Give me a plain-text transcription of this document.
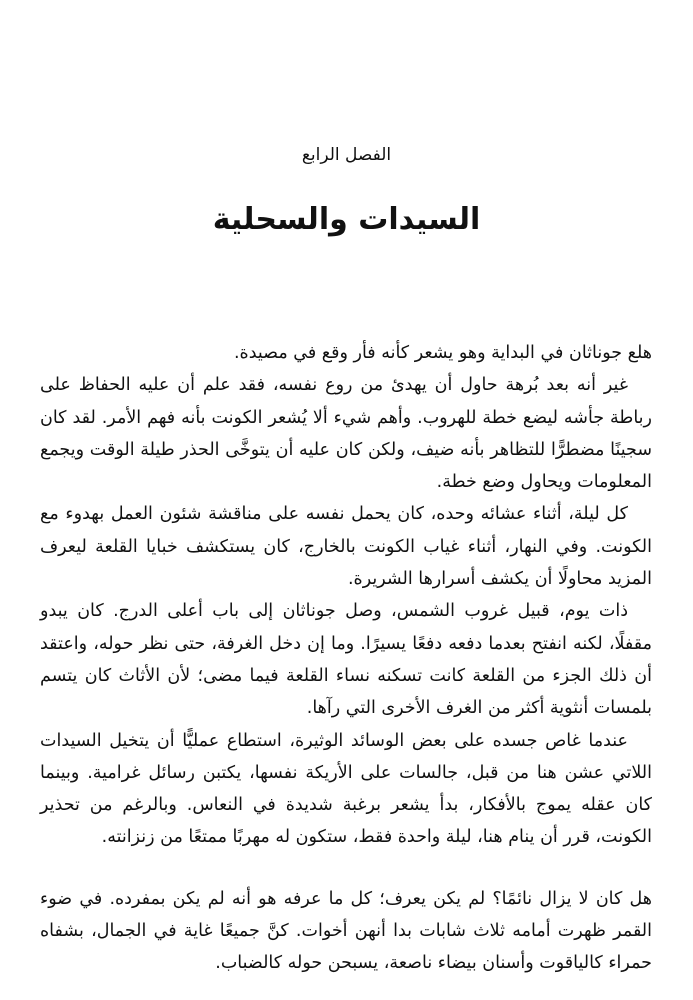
الفصل الرابع
السيدات والسحلية

هلع جوناثان في البداية وهو يشعر كأنه فأر وقع في مصيدة.

غير أنه بعد بُرهة حاول أن يهدئ من روع نفسه، فقد علم أن عليه الحفاظ على رباطة جأشه ليضع خطة للهروب. وأهم شيء ألا يُشعر الكونت بأنه فهم الأمر. لقد كان سجينًا مضطرًّا للتظاهر بأنه ضيف، ولكن كان عليه أن يتوخَّى الحذر طيلة الوقت ويجمع المعلومات ويحاول وضع خطة.

كل ليلة، أثناء عشائه وحده، كان يحمل نفسه على مناقشة شئون العمل بهدوء مع الكونت. وفي النهار، أثناء غياب الكونت بالخارج، كان يستكشف خبايا القلعة ليعرف المزيد محاولًا أن يكشف أسرارها الشريرة.

ذات يوم، قبيل غروب الشمس، وصل جوناثان إلى باب أعلى الدرج. كان يبدو مقفلًا، لكنه انفتح بعدما دفعه دفعًا يسيرًا. وما إن دخل الغرفة، حتى نظر حوله، واعتقد أن ذلك الجزء من القلعة كانت تسكنه نساء القلعة فيما مضى؛ لأن الأثاث كان يتسم بلمسات أنثوية أكثر من الغرف الأخرى التي رآها.

عندما غاص جسده على بعض الوسائد الوثيرة، استطاع عمليًّا أن يتخيل السيدات اللاتي عشن هنا من قبل، جالسات على الأريكة نفسها، يكتبن رسائل غرامية. وبينما كان عقله يموج بالأفكار، بدأ يشعر برغبة شديدة في النعاس. وبالرغم من تحذير الكونت، قرر أن ينام هنا، ليلة واحدة فقط، ستكون له مهربًا ممتعًا من زنزانته.

هل كان لا يزال نائمًا؟ لم يكن يعرف؛ كل ما عرفه هو أنه لم يكن بمفرده. في ضوء القمر ظهرت أمامه ثلاث شابات بدا أنهن أخوات. كنَّ جميعًا غاية في الجمال، بشفاه حمراء كالياقوت وأسنان بيضاء ناصعة، يسبحن حوله كالضباب.
